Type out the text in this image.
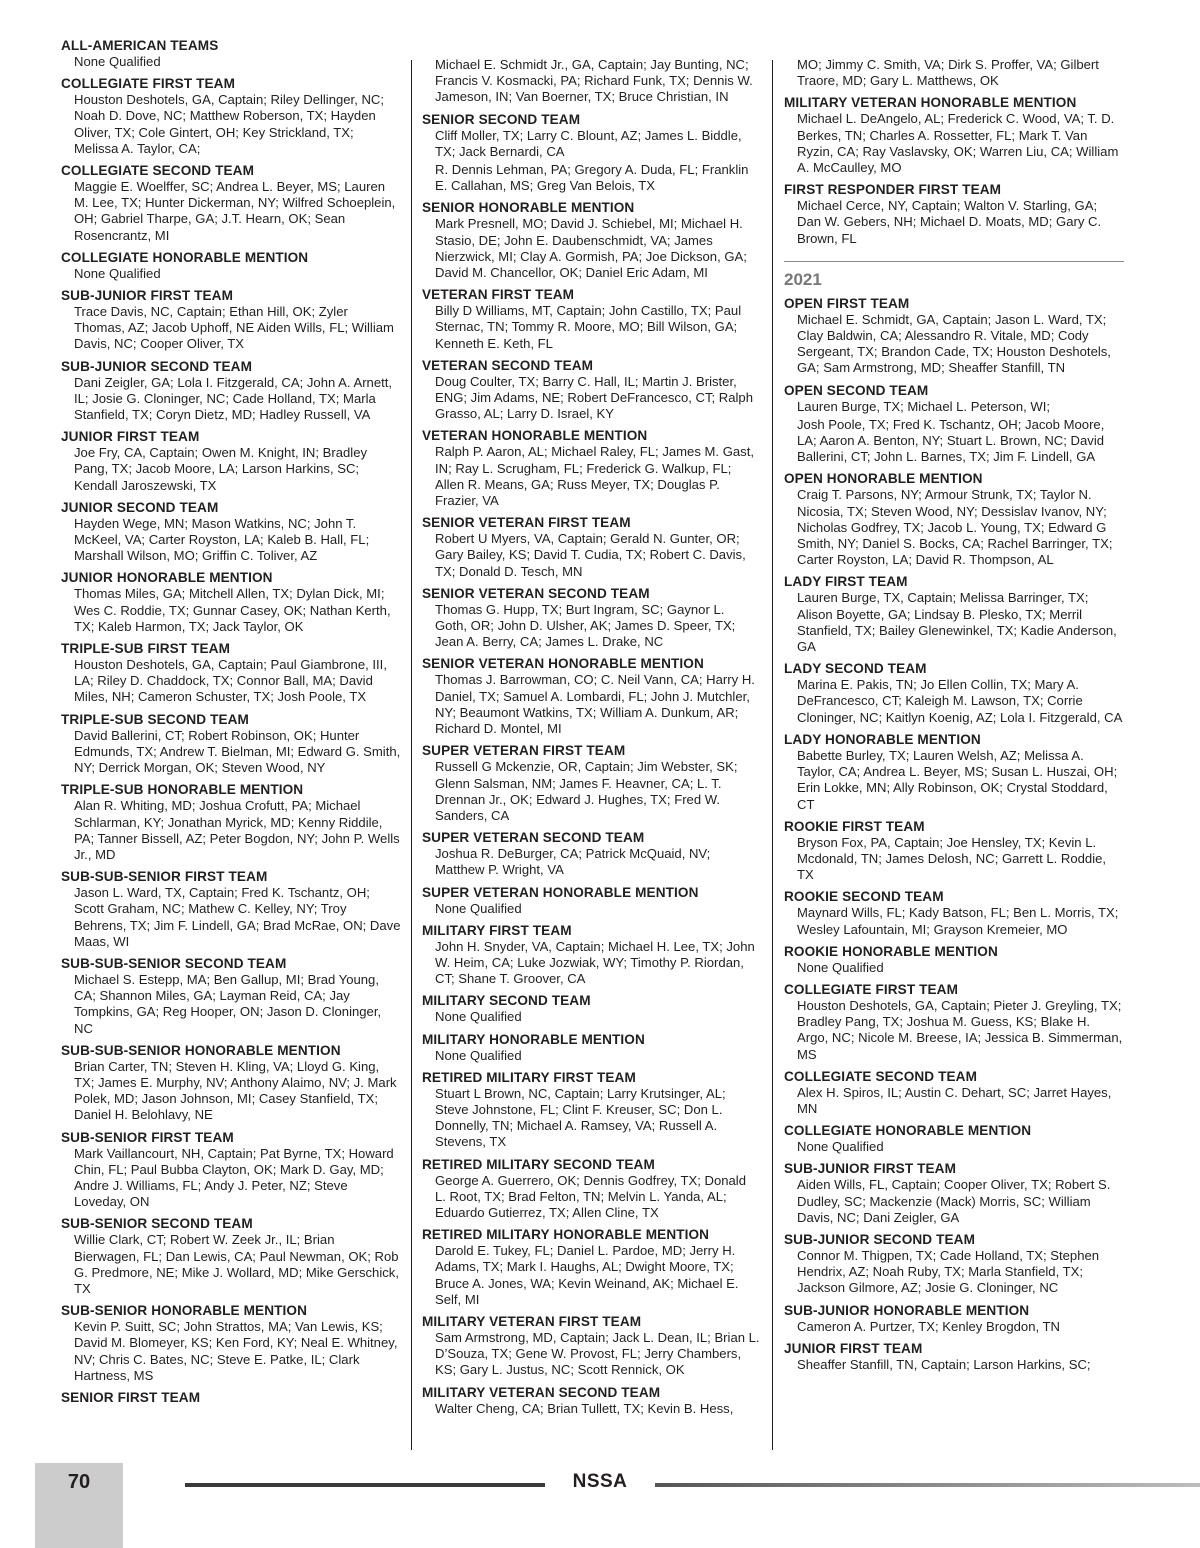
ALL-AMERICAN TEAMS

None Qualified

COLLEGIATE FIRST TEAM

Houston Deshotels, GA, Captain; Riley Dellinger, NC; Noah D. Dove, NC; Matthew Roberson, TX; Hayden Oliver, TX; Cole Gintert, OH; Key Strickland, TX; Melissa A. Taylor, CA;

COLLEGIATE SECOND TEAM

Maggie E. Woelffer, SC; Andrea L. Beyer, MS; Lauren M. Lee, TX; Hunter Dickerman, NY; Wilfred Schoeplein, OH; Gabriel Tharpe, GA; J.T. Hearn, OK; Sean Rosencrantz, MI

COLLEGIATE HONORABLE MENTION

None Qualified

SUB-JUNIOR FIRST TEAM

Trace Davis, NC, Captain; Ethan Hill, OK; Zyler Thomas, AZ; Jacob Uphoff, NE Aiden Wills, FL; William Davis, NC; Cooper Oliver, TX

SUB-JUNIOR SECOND TEAM

Dani Zeigler, GA; Lola I. Fitzgerald, CA; John A. Arnett, IL; Josie G. Cloninger, NC; Cade Holland, TX; Marla Stanfield, TX; Coryn Dietz, MD; Hadley Russell, VA

JUNIOR FIRST TEAM

Joe Fry, CA, Captain; Owen M. Knight, IN; Bradley Pang, TX; Jacob Moore, LA; Larson Harkins, SC; Kendall Jaroszewski, TX

JUNIOR SECOND TEAM

Hayden Wege, MN; Mason Watkins, NC; John T. McKeel, VA; Carter Royston, LA; Kaleb B. Hall, FL; Marshall Wilson, MO; Griffin C. Toliver, AZ

JUNIOR HONORABLE MENTION

Thomas Miles, GA; Mitchell Allen, TX; Dylan Dick, MI; Wes C. Roddie, TX; Gunnar Casey, OK; Nathan Kerth, TX; Kaleb Harmon, TX; Jack Taylor, OK

TRIPLE-SUB FIRST TEAM

Houston Deshotels, GA, Captain; Paul Giambrone, III, LA; Riley D. Chaddock, TX; Connor Ball, MA; David Miles, NH; Cameron Schuster, TX; Josh Poole, TX

TRIPLE-SUB SECOND TEAM

David Ballerini, CT; Robert Robinson, OK; Hunter Edmunds, TX; Andrew T. Bielman, MI; Edward G. Smith, NY; Derrick Morgan, OK; Steven Wood, NY

TRIPLE-SUB HONORABLE MENTION

Alan R. Whiting, MD; Joshua Crofutt, PA; Michael Schlarman, KY; Jonathan Myrick, MD; Kenny Riddile, PA; Tanner Bissell, AZ; Peter Bogdon, NY; John P. Wells Jr., MD

SUB-SUB-SENIOR FIRST TEAM

Jason L. Ward, TX, Captain; Fred K. Tschantz, OH; Scott Graham, NC; Mathew C. Kelley, NY; Troy Behrens, TX; Jim F. Lindell, GA; Brad McRae, ON; Dave Maas, WI

SUB-SUB-SENIOR SECOND TEAM

Michael S. Estepp, MA; Ben Gallup, MI; Brad Young, CA; Shannon Miles, GA; Layman Reid, CA; Jay Tompkins, GA; Reg Hooper, ON; Jason D. Cloninger, NC

SUB-SUB-SENIOR HONORABLE MENTION

Brian Carter, TN; Steven H. Kling, VA; Lloyd G. King, TX; James E. Murphy, NV; Anthony Alaimo, NV; J. Mark Polek, MD; Jason Johnson, MI; Casey Stanfield, TX; Daniel H. Belohlavy, NE

SUB-SENIOR FIRST TEAM

Mark Vaillancourt, NH, Captain; Pat Byrne, TX; Howard Chin, FL; Paul Bubba Clayton, OK; Mark D. Gay, MD; Andre J. Williams, FL; Andy J. Peter, NZ; Steve Loveday, ON

SUB-SENIOR SECOND TEAM

Willie Clark, CT; Robert W. Zeek Jr., IL; Brian Bierwagen, FL; Dan Lewis, CA; Paul Newman, OK; Rob G. Predmore, NE; Mike J. Wollard, MD; Mike Gerschick, TX

SUB-SENIOR HONORABLE MENTION

Kevin P. Suitt, SC; John Strattos, MA; Van Lewis, KS; David M. Blomeyer, KS; Ken Ford, KY; Neal E. Whitney, NV; Chris C. Bates, NC; Steve E. Patke, IL; Clark Hartness, MS

SENIOR FIRST TEAM

Michael E. Schmidt Jr., GA, Captain; Jay Bunting, NC; Francis V. Kosmacki, PA; Richard Funk, TX; Dennis W. Jameson, IN; Van Boerner, TX; Bruce Christian, IN

SENIOR SECOND TEAM

Cliff Moller, TX; Larry C. Blount, AZ; James L. Biddle, TX; Jack Bernardi, CA

R. Dennis Lehman, PA; Gregory A. Duda, FL; Franklin E. Callahan, MS; Greg Van Belois, TX

SENIOR HONORABLE MENTION

Mark Presnell, MO; David J. Schiebel, MI; Michael H. Stasio, DE; John E. Daubenschmidt, VA; James Nierzwick, MI; Clay A. Gormish, PA; Joe Dickson, GA; David M. Chancellor, OK; Daniel Eric Adam, MI

VETERAN FIRST TEAM

Billy D Williams, MT, Captain; John Castillo, TX; Paul Sternac, TN; Tommy R. Moore, MO; Bill Wilson, GA; Kenneth E. Keth, FL

VETERAN SECOND TEAM

Doug Coulter, TX; Barry C. Hall, IL; Martin J. Brister, ENG; Jim Adams, NE; Robert DeFrancesco, CT; Ralph Grasso, AL; Larry D. Israel, KY

VETERAN HONORABLE MENTION

Ralph P. Aaron, AL; Michael Raley, FL; James M. Gast, IN; Ray L. Scrugham, FL; Frederick G. Walkup, FL; Allen R. Means, GA; Russ Meyer, TX; Douglas P. Frazier, VA

SENIOR VETERAN FIRST TEAM

Robert U Myers, VA, Captain; Gerald N. Gunter, OR; Gary Bailey, KS; David T. Cudia, TX; Robert C. Davis, TX; Donald D. Tesch, MN

SENIOR VETERAN SECOND TEAM

Thomas G. Hupp, TX; Burt Ingram, SC; Gaynor L. Goth, OR; John D. Ulsher, AK; James D. Speer, TX; Jean A. Berry, CA; James L. Drake, NC

SENIOR VETERAN HONORABLE MENTION

Thomas J. Barrowman, CO; C. Neil Vann, CA; Harry H. Daniel, TX; Samuel A. Lombardi, FL; John J. Mutchler, NY; Beaumont Watkins, TX; William A. Dunkum, AR; Richard D. Montel, MI

SUPER VETERAN FIRST TEAM

Russell G Mckenzie, OR, Captain; Jim Webster, SK; Glenn Salsman, NM; James F. Heavner, CA; L. T. Drennan Jr., OK; Edward J. Hughes, TX; Fred W. Sanders, CA

SUPER VETERAN SECOND TEAM

Joshua R. DeBurger, CA; Patrick McQuaid, NV; Matthew P. Wright, VA

SUPER VETERAN HONORABLE MENTION

None Qualified

MILITARY FIRST TEAM

John H. Snyder, VA, Captain; Michael H. Lee, TX; John W. Heim, CA; Luke Jozwiak, WY; Timothy P. Riordan, CT; Shane T. Groover, CA

MILITARY SECOND TEAM

None Qualified

MILITARY HONORABLE MENTION

None Qualified

RETIRED MILITARY FIRST TEAM

Stuart L Brown, NC, Captain; Larry Krutsinger, AL; Steve Johnstone, FL; Clint F. Kreuser, SC; Don L. Donnelly, TN; Michael A. Ramsey, VA; Russell A. Stevens, TX

RETIRED MILITARY SECOND TEAM

George A. Guerrero, OK; Dennis Godfrey, TX; Donald L. Root, TX; Brad Felton, TN; Melvin L. Yanda, AL; Eduardo Gutierrez, TX; Allen Cline, TX

RETIRED MILITARY HONORABLE MENTION

Darold E. Tukey, FL; Daniel L. Pardoe, MD; Jerry H. Adams, TX; Mark I. Haughs, AL; Dwight Moore, TX; Bruce A. Jones, WA; Kevin Weinand, AK; Michael E. Self, MI

MILITARY VETERAN FIRST TEAM

Sam Armstrong, MD, Captain; Jack L. Dean, IL; Brian L. D’Souza, TX; Gene W. Provost, FL; Jerry Chambers, KS; Gary L. Justus, NC; Scott Rennick, OK

MILITARY VETERAN SECOND TEAM

Walter Cheng, CA; Brian Tullett, TX; Kevin B. Hess,

MO; Jimmy C. Smith, VA; Dirk S. Proffer, VA; Gilbert Traore, MD; Gary L. Matthews, OK

MILITARY VETERAN HONORABLE MENTION

Michael L. DeAngelo, AL; Frederick C. Wood, VA; T. D. Berkes, TN; Charles A. Rossetter, FL; Mark T. Van Ryzin, CA; Ray Vaslavsky, OK; Warren Liu, CA; William A. McCaulley, MO

FIRST RESPONDER FIRST TEAM

Michael Cerce, NY, Captain; Walton V. Starling, GA; Dan W. Gebers, NH; Michael D. Moats, MD; Gary C. Brown, FL

2021
OPEN FIRST TEAM

Michael E. Schmidt, GA, Captain; Jason L. Ward, TX; Clay Baldwin, CA; Alessandro R. Vitale, MD; Cody Sergeant, TX; Brandon Cade, TX; Houston Deshotels, GA; Sam Armstrong, MD; Sheaffer Stanfill, TN

OPEN SECOND TEAM

Lauren Burge, TX; Michael L. Peterson, WI;

Josh Poole, TX; Fred K. Tschantz, OH; Jacob Moore, LA; Aaron A. Benton, NY; Stuart L. Brown, NC; David Ballerini, CT; John L. Barnes, TX; Jim F. Lindell, GA

OPEN HONORABLE MENTION

Craig T. Parsons, NY; Armour Strunk, TX; Taylor N. Nicosia, TX; Steven Wood, NY; Dessislav Ivanov, NY; Nicholas Godfrey, TX; Jacob L. Young, TX; Edward G Smith, NY; Daniel S. Bocks, CA; Rachel Barringer, TX; Carter Royston, LA; David R. Thompson, AL

LADY FIRST TEAM

Lauren Burge, TX, Captain; Melissa Barringer, TX; Alison Boyette, GA; Lindsay B. Plesko, TX; Merril Stanfield, TX; Bailey Glenewinkel, TX; Kadie Anderson, GA

LADY SECOND TEAM

Marina E. Pakis, TN; Jo Ellen Collin, TX; Mary A. DeFrancesco, CT; Kaleigh M. Lawson, TX; Corrie Cloninger, NC; Kaitlyn Koenig, AZ; Lola I. Fitzgerald, CA

LADY HONORABLE MENTION

Babette Burley, TX; Lauren Welsh, AZ; Melissa A. Taylor, CA; Andrea L. Beyer, MS; Susan L. Huszai, OH; Erin Lokke, MN; Ally Robinson, OK; Crystal Stoddard, CT

ROOKIE FIRST TEAM

Bryson Fox, PA, Captain; Joe Hensley, TX; Kevin L. Mcdonald, TN; James Delosh, NC; Garrett L. Roddie, TX

ROOKIE SECOND TEAM

Maynard Wills, FL; Kady Batson, FL; Ben L. Morris, TX; Wesley Lafountain, MI; Grayson Kremeier, MO

ROOKIE HONORABLE MENTION

None Qualified

COLLEGIATE FIRST TEAM

Houston Deshotels, GA, Captain; Pieter J. Greyling, TX; Bradley Pang, TX; Joshua M. Guess, KS; Blake H. Argo, NC; Nicole M. Breese, IA; Jessica B. Simmerman, MS

COLLEGIATE SECOND TEAM

Alex H. Spiros, IL; Austin C. Dehart, SC; Jarret Hayes, MN

COLLEGIATE HONORABLE MENTION

None Qualified

SUB-JUNIOR FIRST TEAM

Aiden Wills, FL, Captain; Cooper Oliver, TX; Robert S. Dudley, SC; Mackenzie (Mack) Morris, SC; William Davis, NC; Dani Zeigler, GA

SUB-JUNIOR SECOND TEAM

Connor M. Thigpen, TX; Cade Holland, TX; Stephen Hendrix, AZ; Noah Ruby, TX; Marla Stanfield, TX; Jackson Gilmore, AZ; Josie G. Cloninger, NC

SUB-JUNIOR HONORABLE MENTION

Cameron A. Purtzer, TX; Kenley Brogdon, TN

JUNIOR FIRST TEAM

Sheaffer Stanfill, TN, Captain; Larson Harkins, SC;

70	NSSA
